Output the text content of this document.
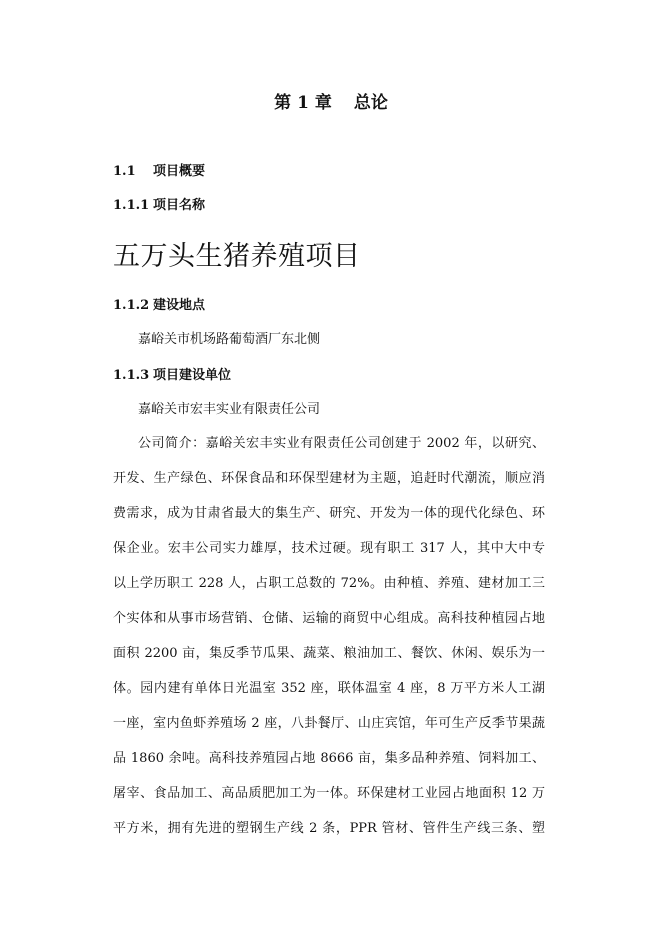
第 1 章 总论
1.1 项目概要
1.1.1 项目名称
五万头生猪养殖项目
1.1.2 建设地点
嘉峪关市机场路葡萄酒厂东北侧
1.1.3 项目建设单位
嘉峪关市宏丰实业有限责任公司
公司简介：嘉峪关宏丰实业有限责任公司创建于 2002 年，以研究、
开发、生产绿色、环保食品和环保型建材为主题，追赶时代潮流，顺应消
费需求，成为甘肃省最大的集生产、研究、开发为一体的现代化绿色、环
保企业。宏丰公司实力雄厚，技术过硬。现有职工 317 人，其中大中专
以上学历职工 228 人，占职工总数的 72%。由种植、养殖、建材加工三
个实体和从事市场营销、仓储、运输的商贸中心组成。高科技种植园占地
面积 2200 亩，集反季节瓜果、蔬菜、粮油加工、餐饮、休闲、娱乐为一
体。园内建有单体日光温室 352 座，联体温室 4 座，8 万平方米人工湖
一座，室内鱼虾养殖场 2 座，八卦餐厅、山庄宾馆，年可生产反季节果蔬
品 1860 余吨。高科技养殖园占地 8666 亩，集多品种养殖、饲料加工、
屠宰、食品加工、高品质肥加工为一体。环保建材工业园占地面积 12 万
平方米，拥有先进的塑钢生产线 2 条，PPR 管材、管件生产线三条、塑
